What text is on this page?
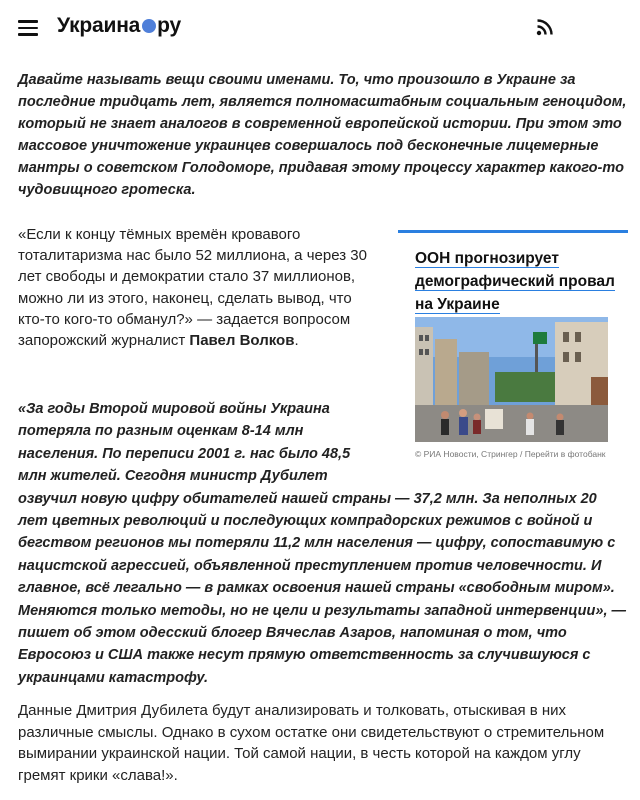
Украина ру

Давайте называть вещи своими именами. То, что произошло в Украине за последние тридцать лет, является полномасштабным социальным геноцидом, который не знает аналогов в современной европейской истории. При этом это массовое уничтожение украинцев совершалось под бесконечные лицемерные мантры о советском Голодоморе, придавая этому процессу характер какого-то чудовищного гротеска.

«Если к концу тёмных времён кровавого тоталитаризма нас было 52 миллиона, а через 30 лет свободы и демократии стало 37 миллионов, можно ли из этого, наконец, сделать вывод, что кто-то кого-то обманул?» — задается вопросом запорожский журналист Павел Волков.

ООН прогнозирует демографический провал на Украине
© РИА Новости, Стрингер / Перейти в фотобанк

«За годы Второй мировой войны Украина потеряла по разным оценкам 8-14 млн населения. По переписи 2001 г. нас было 48,5 млн жителей. Сегодня министр Дубилет
озвучил новую цифру обитателей нашей страны — 37,2 млн. За неполных 20 лет цветных революций и последующих компрадорских режимов с войной и бегством регионов мы потеряли 11,2 млн населения — цифру, сопоставимую с нацистской агрессией, объявленной преступлением против человечности. И главное, всё легально — в рамках освоения нашей страны «свободным миром». Меняются только методы, но не цели и результаты западной интервенции», — пишет об этом одесский блогер Вячеслав Азаров, напоминая о том, что Евросоюз и США также несут прямую ответственность за случившуюся с украинцами катастрофу.

Данные Дмитрия Дубилета будут анализировать и толковать, отыскивая в них различные смыслы. Однако в сухом остатке они свидетельствуют о стремительном вымирании украинской нации. Той самой нации, в честь которой на каждом углу гремят крики «слава!».
